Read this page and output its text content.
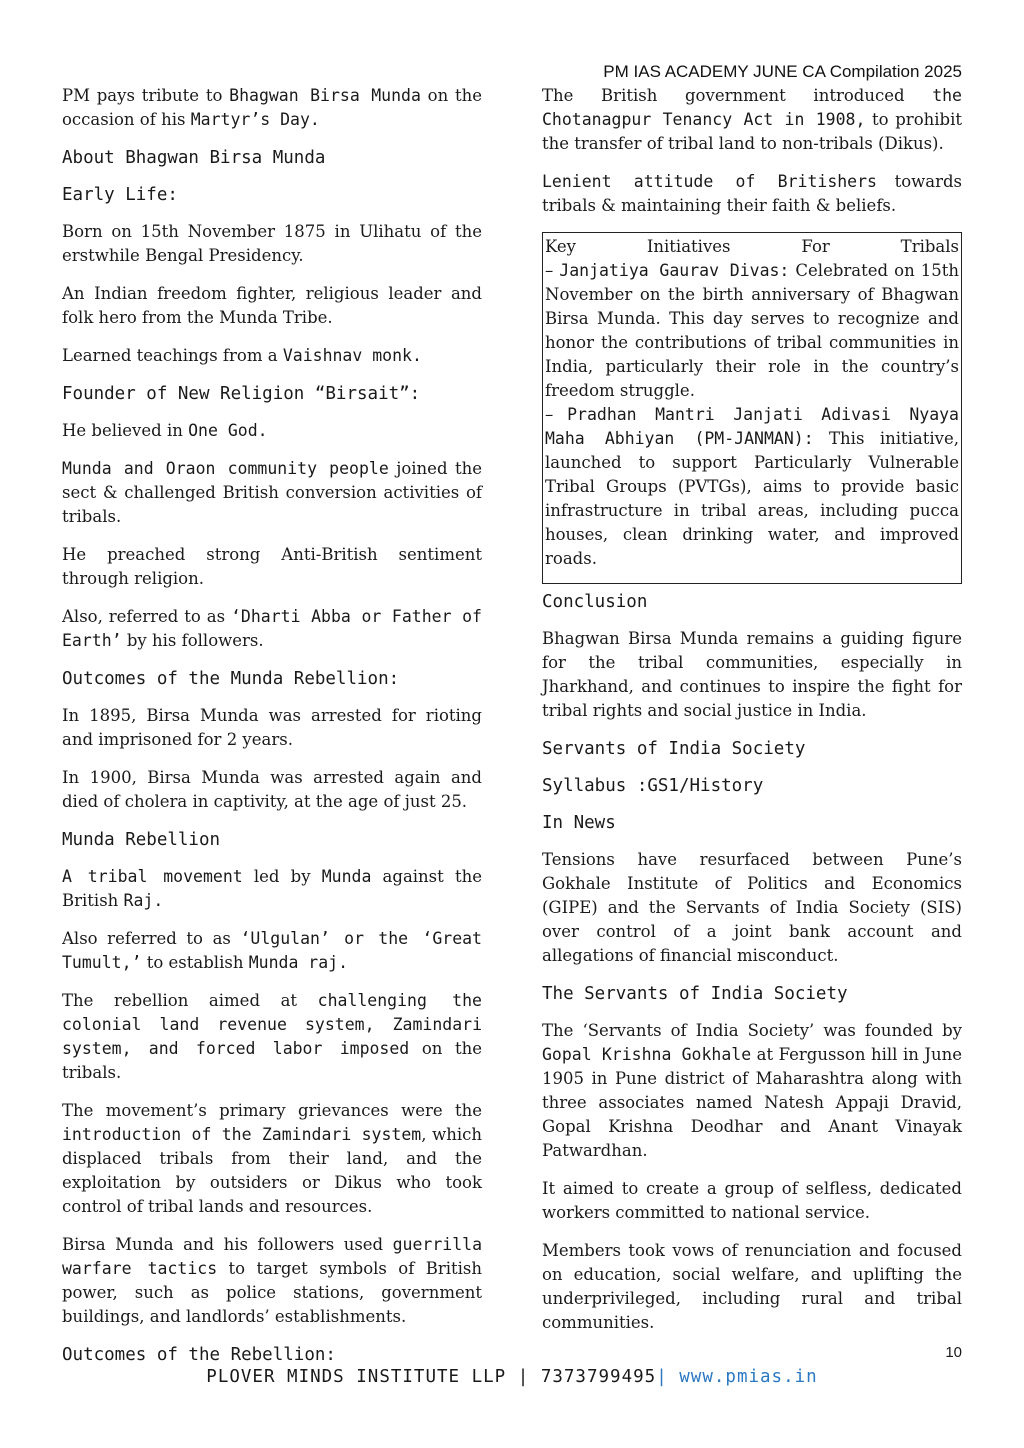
PM IAS ACADEMY JUNE CA Compilation 2025

PM pays tribute to Bhagwan Birsa Munda on the occasion of his Martyr’s Day.

About Bhagwan Birsa Munda
Early Life:

Born on 15th November 1875 in Ulihatu of the erstwhile Bengal Presidency.

An Indian freedom fighter, religious leader and folk hero from the Munda Tribe.

Learned teachings from a Vaishnav monk.

Founder of New Religion “Birsait”:

He believed in One God.

Munda and Oraon community people joined the sect & challenged British conversion activities of tribals.

He preached strong Anti-British sentiment through religion.

Also, referred to as ‘Dharti Abba or Father of Earth’ by his followers.

Outcomes of the Munda Rebellion:

In 1895, Birsa Munda was arrested for rioting and imprisoned for 2 years.

In 1900, Birsa Munda was arrested again and died of cholera in captivity, at the age of just 25.

Munda Rebellion

A tribal movement led by Munda against the British Raj.

Also referred to as ‘Ulgulan’ or the ‘Great Tumult,’ to establish Munda raj.

The rebellion aimed at challenging the colonial land revenue system, Zamindari system, and forced labor imposed on the tribals.

The movement’s primary grievances were the introduction of the Zamindari system, which displaced tribals from their land, and the exploitation by outsiders or Dikus who took control of tribal lands and resources.

Birsa Munda and his followers used guerrilla warfare tactics to target symbols of British power, such as police stations, government buildings, and landlords’ establishments.

Outcomes of the Rebellion:

The British government introduced the Chotanagpur Tenancy Act in 1908, to prohibit the transfer of tribal land to non-tribals (Dikus).

Lenient attitude of Britishers towards tribals & maintaining their faith & beliefs.

Key Initiatives For Tribals
– Janjatiya Gaurav Divas: Celebrated on 15th November on the birth anniversary of Bhagwan Birsa Munda. This day serves to recognize and honor the contributions of tribal communities in India, particularly their role in the country’s freedom struggle.
– Pradhan Mantri Janjati Adivasi Nyaya Maha Abhiyan (PM-JANMAN): This initiative, launched to support Particularly Vulnerable Tribal Groups (PVTGs), aims to provide basic infrastructure in tribal areas, including pucca houses, clean drinking water, and improved roads.
Conclusion

Bhagwan Birsa Munda remains a guiding figure for the tribal communities, especially in Jharkhand, and continues to inspire the fight for tribal rights and social justice in India.

Servants of India Society
Syllabus :GS1/History
In News

Tensions have resurfaced between Pune’s Gokhale Institute of Politics and Economics (GIPE) and the Servants of India Society (SIS) over control of a joint bank account and allegations of financial misconduct.

The Servants of India Society

The ‘Servants of India Society’ was founded by Gopal Krishna Gokhale at Fergusson hill in June 1905 in Pune district of Maharashtra along with three associates named Natesh Appaji Dravid, Gopal Krishna Deodhar and Anant Vinayak Patwardhan.

It aimed to create a group of selfless, dedicated workers committed to national service.

Members took vows of renunciation and focused on education, social welfare, and uplifting the underprivileged, including rural and tribal communities.

10
PLOVER MINDS INSTITUTE LLP | 7373799495| www.pmias.in
